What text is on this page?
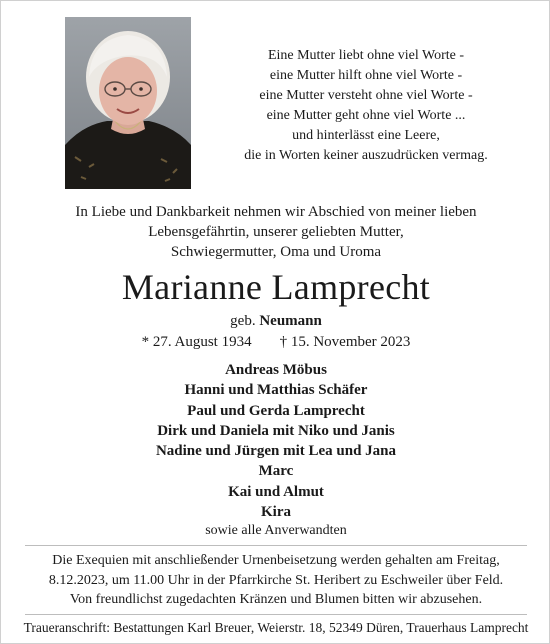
Eine Mutter liebt ohne viel Worte -
eine Mutter hilft ohne viel Worte -
eine Mutter versteht ohne viel Worte -
eine Mutter geht ohne viel Worte ...
und hinterlässt eine Leere,
die in Worten keiner auszudrücken vermag.
In Liebe und Dankbarkeit nehmen wir Abschied von meiner lieben
Lebensgefährtin, unserer geliebten Mutter,
Schwiegermutter, Oma und Uroma
Marianne Lamprecht
geb. Neumann
* 27. August 1934 † 15. November 2023
Andreas Möbus
Hanni und Matthias Schäfer
Paul und Gerda Lamprecht
Dirk und Daniela mit Niko und Janis
Nadine und Jürgen mit Lea und Jana
Marc
Kai und Almut
Kira
sowie alle Anverwandten
Die Exequien mit anschließender Urnenbeisetzung werden gehalten am Freitag,
8.12.2023, um 11.00 Uhr in der Pfarrkirche St. Heribert zu Eschweiler über Feld.
Von freundlichst zugedachten Kränzen und Blumen bitten wir abzusehen.
Traueranschrift: Bestattungen Karl Breuer, Weierstr. 18, 52349 Düren, Trauerhaus Lamprecht
